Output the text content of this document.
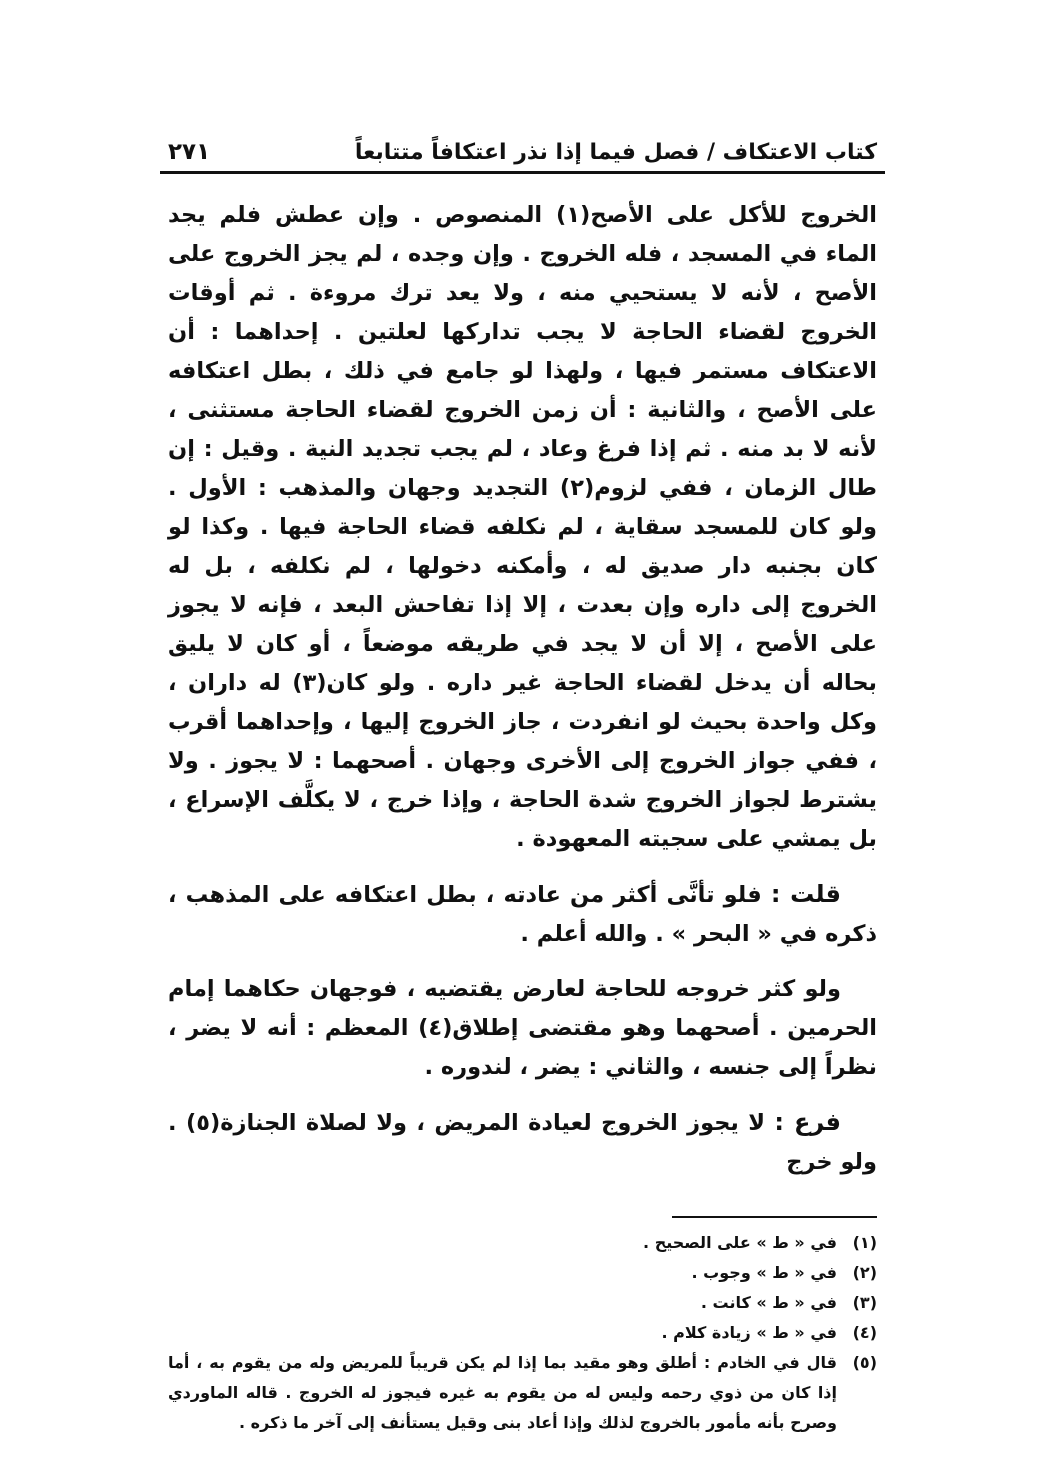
كتاب الاعتكاف / فصل فيما إذا نذر اعتكافاً متتابعاً
٢٧١

الخروج للأكل على الأصح(١) المنصوص . وإن عطش فلم يجد الماء في المسجد ، فله الخروج . وإن وجده ، لم يجز الخروج على الأصح ، لأنه لا يستحيي منه ، ولا يعد ترك مروءة . ثم أوقات الخروج لقضاء الحاجة لا يجب تداركها لعلتين . إحداهما : أن الاعتكاف مستمر فيها ، ولهذا لو جامع في ذلك ، بطل اعتكافه على الأصح ، والثانية : أن زمن الخروج لقضاء الحاجة مستثنى ، لأنه لا بد منه . ثم إذا فرغ وعاد ، لم يجب تجديد النية . وقيل : إن طال الزمان ، ففي لزوم(٢) التجديد وجهان والمذهب : الأول . ولو كان للمسجد سقاية ، لم نكلفه قضاء الحاجة فيها . وكذا لو كان بجنبه دار صديق له ، وأمكنه دخولها ، لم نكلفه ، بل له الخروج إلى داره وإن بعدت ، إلا إذا تفاحش البعد ، فإنه لا يجوز على الأصح ، إلا أن لا يجد في طريقه موضعاً ، أو كان لا يليق بحاله أن يدخل لقضاء الحاجة غير داره . ولو كان(٣) له داران ، وكل واحدة بحيث لو انفردت ، جاز الخروج إليها ، وإحداهما أقرب ، ففي جواز الخروج إلى الأخرى وجهان . أصحهما : لا يجوز . ولا يشترط لجواز الخروج شدة الحاجة ، وإذا خرج ، لا يكلَّف الإسراع ، بل يمشي على سجيته المعهودة .

قلت : فلو تأنَّى أكثر من عادته ، بطل اعتكافه على المذهب ، ذكره في « البحر » . والله أعلم .

ولو كثر خروجه للحاجة لعارض يقتضيه ، فوجهان حكاهما إمام الحرمين . أصحهما وهو مقتضى إطلاق(٤) المعظم : أنه لا يضر ، نظراً إلى جنسه ، والثاني : يضر ، لندوره .

فرع : لا يجوز الخروج لعيادة المريض ، ولا لصلاة الجنازة(٥) . ولو خرج

(١)
في « ط » على الصحيح .
(٢)
في « ط » وجوب .
(٣)
في « ط » كانت .
(٤)
في « ط » زيادة كلام .
(٥)
قال في الخادم : أطلق وهو مقيد بما إذا لم يكن قريباً للمريض وله من يقوم به ، أما إذا كان من ذوي رحمه وليس له من يقوم به غيره فيجوز له الخروج . قاله الماوردي وصرح بأنه مأمور بالخروج لذلك وإذا أعاد بنى وقيل يستأنف إلى آخر ما ذكره .
